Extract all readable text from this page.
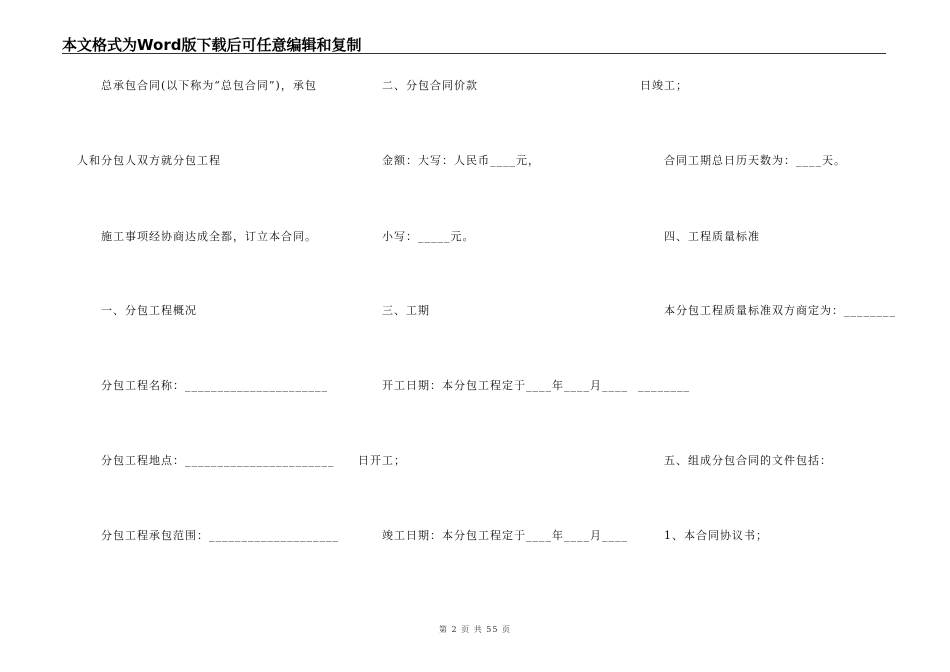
本文格式为Word版下载后可任意编辑和复制
总承包合同(以下称为“总包合同”)，承包
人和分包人双方就分包工程
施工事项经协商达成全都，订立本合同。
一、分包工程概况
分包工程名称：______________________
分包工程地点：_______________________
分包工程承包范围：____________________
二、分包合同价款
金额：大写：人民币____元，
小写：_____元。
三、工期
开工日期：本分包工程定于____年____月____
日开工；
竣工日期：本分包工程定于____年____月____
日竣工；
合同工期总日历天数为：____天。
四、工程质量标准
本分包工程质量标准双方商定为：________
________
五、组成分包合同的文件包括：
1、本合同协议书；
第 2 页 共 55 页
